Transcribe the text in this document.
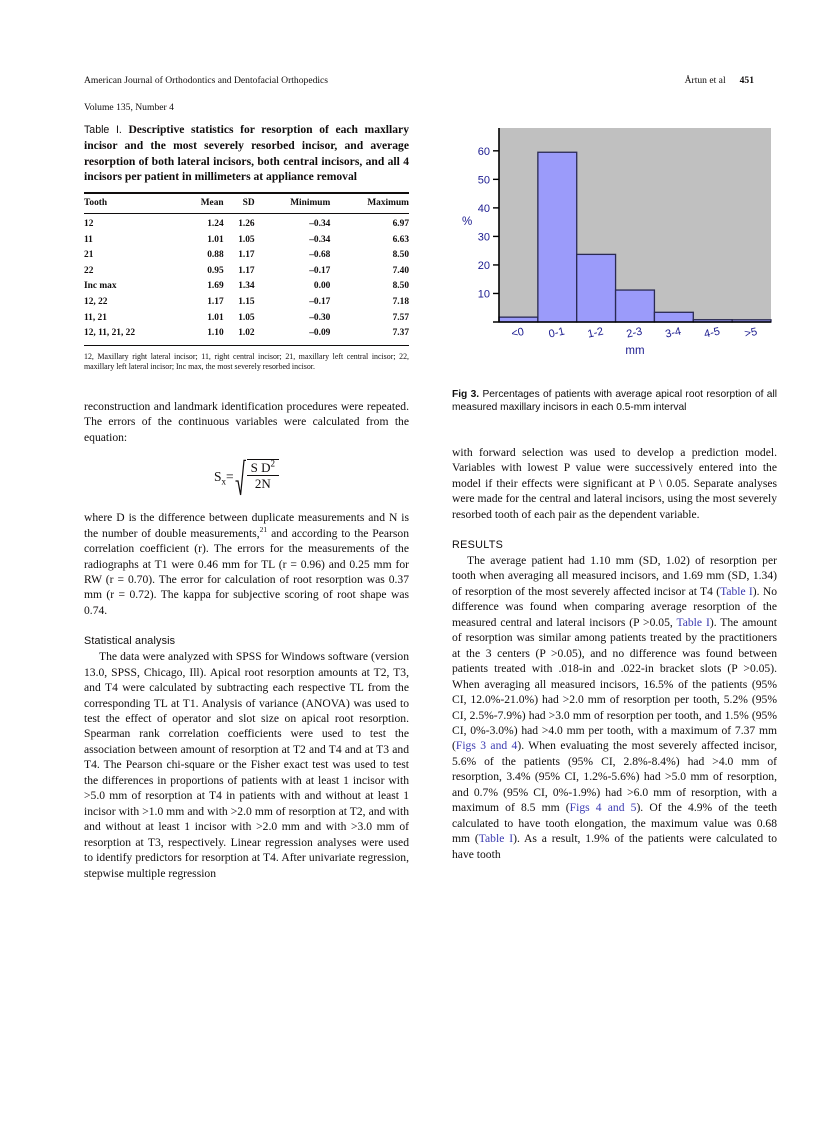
American Journal of Orthodontics and Dentofacial Orthopedics

Volume 135, Number 4

Årtun et al 451

Table I. Descriptive statistics for resorption of each maxllary incisor and the most severely resorbed incisor, and average resorption of both lateral incisors, both central incisors, and all 4 incisors per patient in millimeters at appliance removal

Tooth	Mean	SD	Minimum	Maximum
12	1.24	1.26	–0.34	6.97
11	1.01	1.05	–0.34	6.63
21	0.88	1.17	–0.68	8.50
22	0.95	1.17	–0.17	7.40
Inc max	1.69	1.34	0.00	8.50
12, 22	1.17	1.15	–0.17	7.18
11, 21	1.01	1.05	–0.30	7.57
12, 11, 21, 22	1.10	1.02	–0.09	7.37

12, Maxillary right lateral incisor; 11, right central incisor; 21, maxillary left central incisor; 22, maxillary left lateral incisor; Inc max, the most severely resorbed incisor.

reconstruction and landmark identification procedures were repeated. The errors of the continuous variables were calculated from the equation:

$S_x= \frac{S D^2}{2N}$

where D is the difference between duplicate measurements and N is the number of double measurements,$^{21}$ and according to the Pearson correlation coefficient (r). The errors for the measurements of the radiographs at T1 were 0.46 mm for TL (r = 0.96) and 0.25 mm for RW (r = 0.70). The error for calculation of root resorption was 0.37 mm (r = 0.72). The kappa for subjective scoring of root shape was 0.74.

Statistical analysis

The data were analyzed with SPSS for Windows software (version 13.0, SPSS, Chicago, Ill). Apical root resorption amounts at T2, T3, and T4 were calculated by subtracting each respective TL from the corresponding TL at T1. Analysis of variance (ANOVA) was used to test the effect of operator and slot size on apical root resorption. Spearman rank correlation coefficients were used to test the association between amount of resorption at T2 and T4 and at T3 and T4. The Pearson chi-square or the Fisher exact test was used to test the differences in proportions of patients with at least 1 incisor with >5.0 mm of resorption at T4 in patients with and without at least 1 incisor with >1.0 mm and with >2.0 mm of resorption at T2, and with and without at least 1 incisor with >2.0 mm and with >3.0 mm of resorption at T3, respectively. Linear regression analyses were used to identify predictors for resorption at T4. After univariate regression, stepwise multiple regression

10
20
30
40
50
60
<0 0-1 1-2 2-3 3-4 4-5 >5
%
mm

Fig 3. Percentages of patients with average apical root resorption of all measured maxillary incisors in each 0.5-mm interval

with forward selection was used to develop a prediction model. Variables with lowest P value were successively entered into the model if their effects were significant at P \ 0.05. Separate analyses were made for the central and lateral incisors, using the most severely resorbed tooth of each pair as the dependent variable.

RESULTS

The average patient had 1.10 mm (SD, 1.02) of resorption per tooth when averaging all measured incisors, and 1.69 mm (SD, 1.34) of resorption of the most severely affected incisor at T4 (Table I). No difference was found when comparing average resorption of the measured central and lateral incisors (P >0.05, Table I). The amount of resorption was similar among patients treated by the practitioners at the 3 centers (P >0.05), and no difference was found between patients treated with .018-in and .022-in bracket slots (P >0.05). When averaging all measured incisors, 16.5% of the patients (95% CI, 12.0%-21.0%) had >2.0 mm of resorption per tooth, 5.2% (95% CI, 2.5%-7.9%) had >3.0 mm of resorption per tooth, and 1.5% (95% CI, 0%-3.0%) had >4.0 mm per tooth, with a maximum of 7.37 mm (Figs 3 and 4). When evaluating the most severely affected incisor, 5.6% of the patients (95% CI, 2.8%-8.4%) had >4.0 mm of resorption, 3.4% (95% CI, 1.2%-5.6%) had >5.0 mm of resorption, and 0.7% (95% CI, 0%-1.9%) had >6.0 mm of resorption, with a maximum of 8.5 mm (Figs 4 and 5). Of the 4.9% of the teeth calculated to have tooth elongation, the maximum value was 0.68 mm (Table I). As a result, 1.9% of the patients were calculated to have tooth
